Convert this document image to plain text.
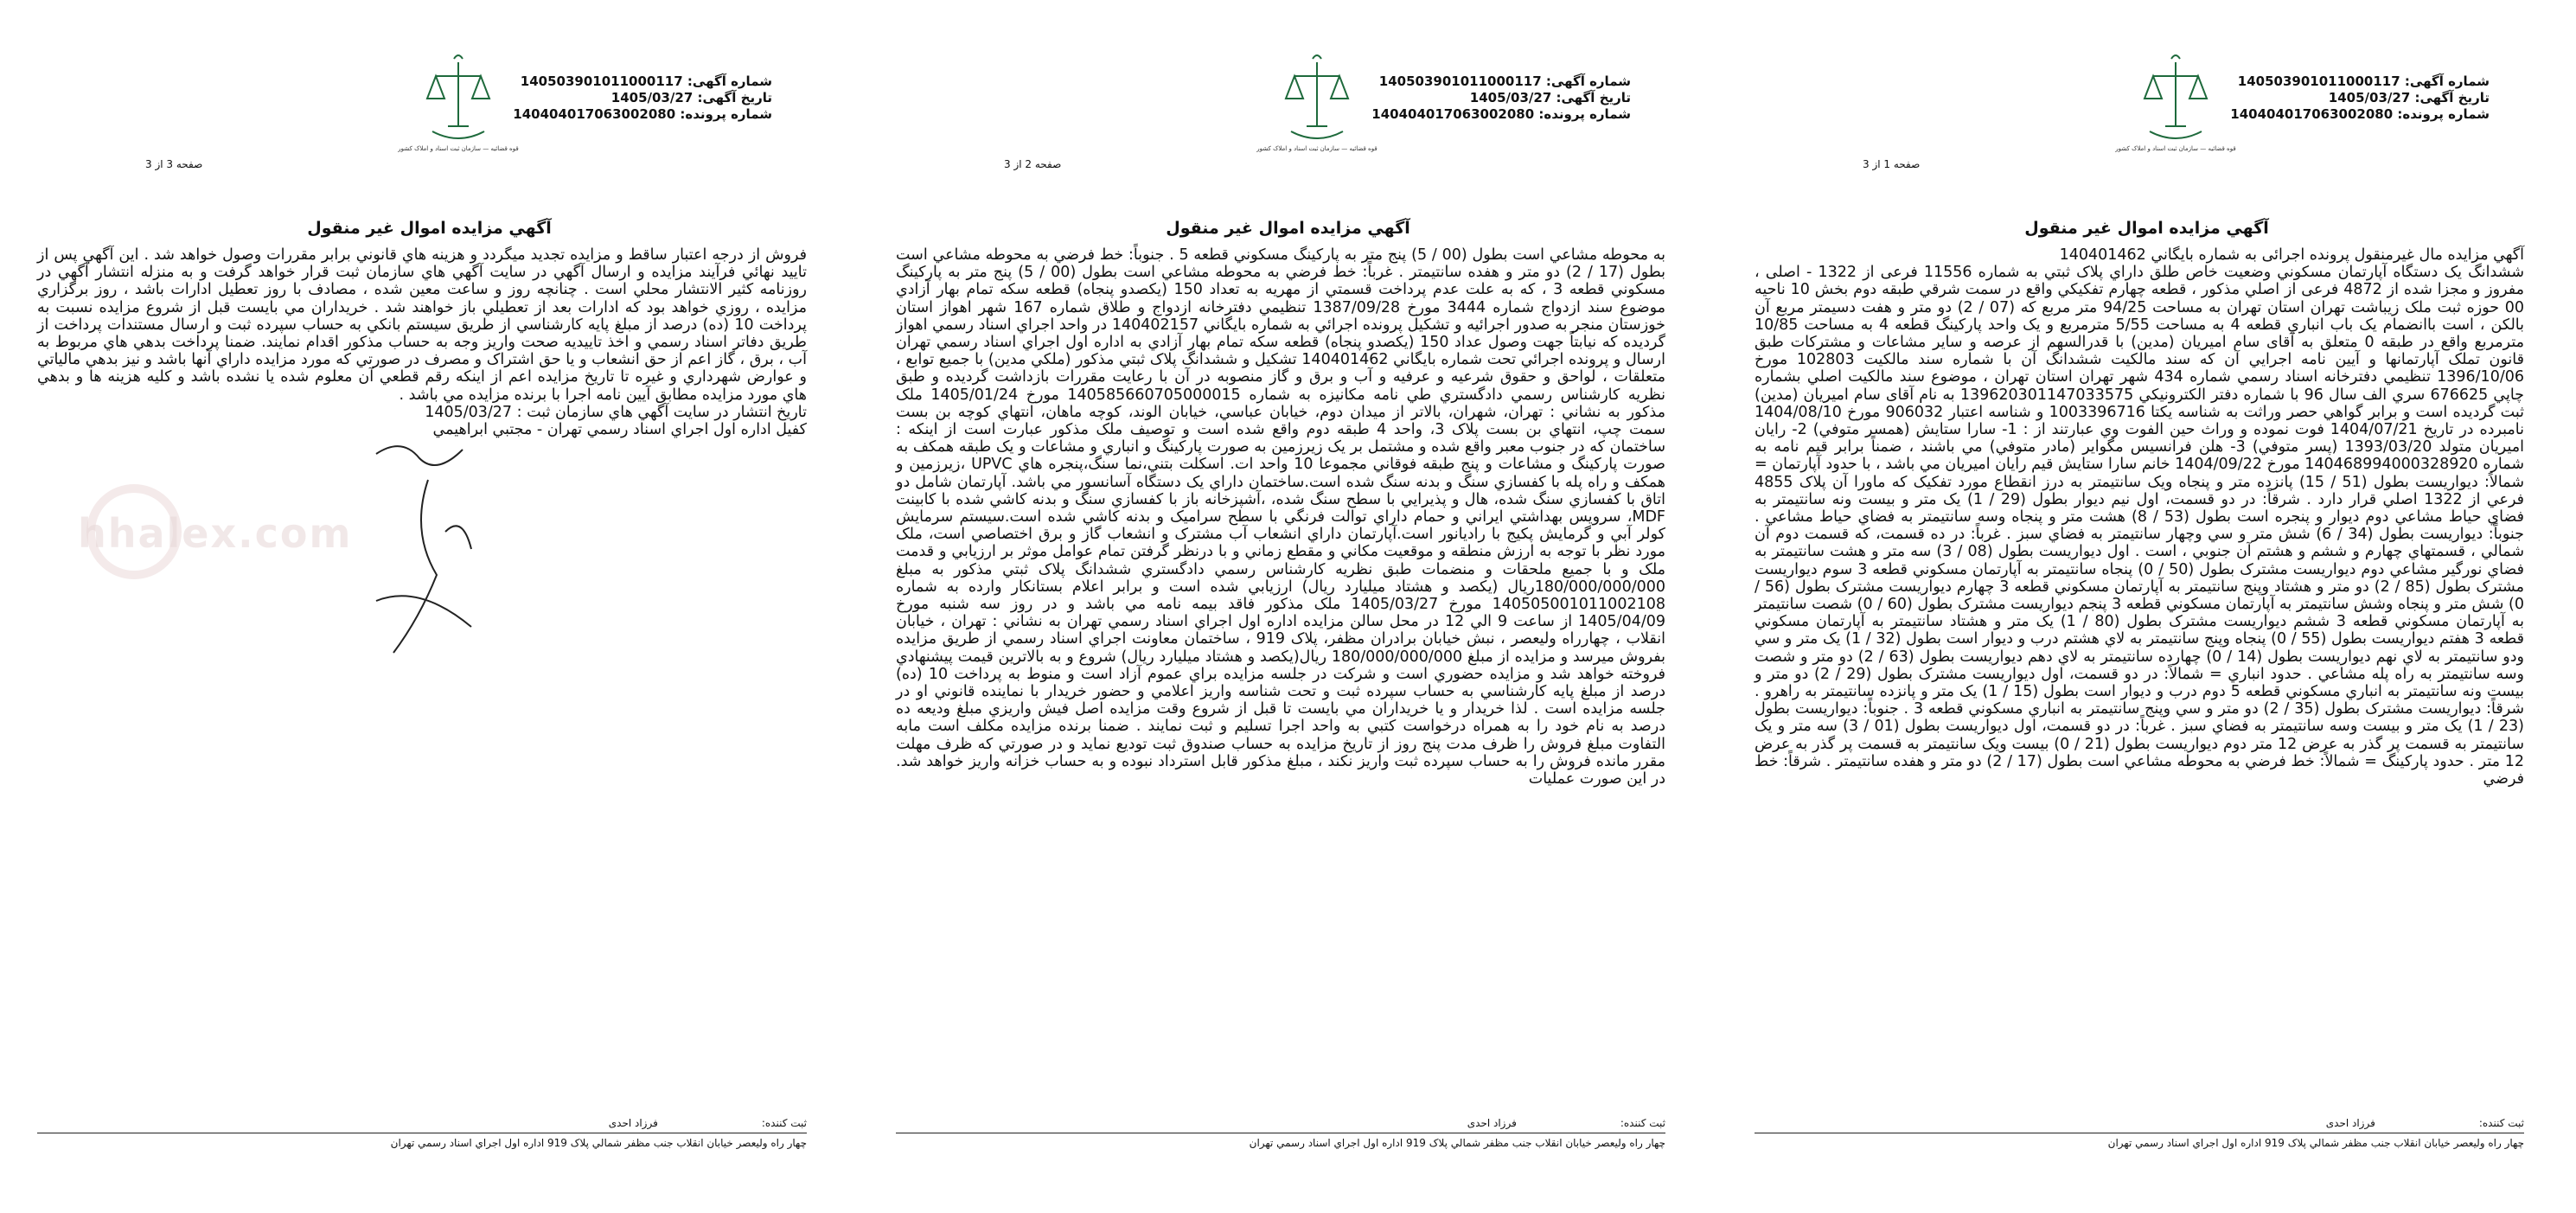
قوه قضائیه — سازمان ثبت اسناد و املاک کشور
شماره آگهی: 140503901011000117
تاریخ آگهی: 1405/03/27
شماره پرونده: 140404017063002080
صفحه 1 از 3
آگهي مزايده اموال غير منقول
آگهي مزايده مال غيرمنقول پرونده اجرائی به شماره بايگاني 140401462
ششدانگ يک دستگاه آپارتمان مسکوني وضعيت خاص طلق داراي پلاک ثبتي به شماره 11556 فرعی از 1322 - اصلی ، مفروز و مجزا شده از 4872 فرعی از اصلي مذکور ، قطعه چهارم تفکيکي واقع در سمت شرقي طبقه دوم بخش 10 ناحيه 00 حوزه ثبت ملک زيباشت تهران استان تهران به مساحت 94/25 متر مربع که (07 / 2) دو متر و هفت دسيمتر مربع آن بالکن ، است باانضمام يک باب انباري قطعه 4 به مساحت 5/55 مترمربع و يک واحد پارکينگ قطعه 4 به مساحت 10/85 مترمربع واقع در طبقه 0 متعلق به آقای سام اميريان (مدين) با قدرالسهم از عرصه و ساير مشاعات و مشترکات طبق قانون تملک آپارتمانها و آيين نامه اجرايي آن که سند مالکيت ششدانگ آن با شماره سند مالکيت 102803 مورخ 1396/10/06 تنظيمي دفترخانه اسناد رسمي شماره 434 شهر تهران استان تهران ، موضوع سند مالکيت اصلي بشماره چاپي 676625 سري الف سال 96 با شماره دفتر الکترونيکي 139620301147033575 به نام آقای سام اميريان (مدين) ثبت گرديده است و برابر گواهي حصر وراثت به شناسه يکتا 1003396716 و شناسه اعتبار 906032 مورخ 1404/08/10 نامبرده در تاريخ 1404/07/21 فوت نموده و وراث حين الفوت وي عبارتند از : 1- سارا ستايش (همسر متوفي) 2- رايان اميريان متولد 1393/03/20 (پسر متوفي) 3- هلن فرانسيس مگواير (مادر متوفي) مي باشند ، ضمناً برابر قيم نامه به شماره 140468994000328920 مورخ 1404/09/22 خانم سارا ستايش قيم رايان اميريان مي باشد ، با حدود آپارتمان = شمالاً: ديواريست بطول (51 / 15) پانزده متر و پنجاه ويک سانتيمتر به درز انقطاع مورد تفکيک که ماورا آن پلاک 4855 فرعي از 1322 اصلي قرار دارد . شرقاً: در دو قسمت، اول نيم ديوار بطول (29 / 1) يک متر و بيست ونه سانتيمتر به فضاي حياط مشاعي دوم ديوار و پنجره است بطول (53 / 8) هشت متر و پنجاه وسه سانتيمتر به فضاي حياط مشاعي . جنوباً: ديواريست بطول (34 / 6) شش متر و سي وچهار سانتيمتر به فضاي سبز . غرباً: در ده قسمت، که قسمت دوم آن شمالي ، قسمتهاي چهارم و ششم و هشتم آن جنوبي ، است . اول ديواريست بطول (08 / 3) سه متر و هشت سانتيمتر به فضاي نورگير مشاعي دوم ديواريست مشترک بطول (50 / 0) پنجاه سانتيمتر به آپارتمان مسکوني قطعه 3 سوم ديواريست مشترک بطول (85 / 2) دو متر و هشتاد وپنج سانتيمتر به آپارتمان مسکوني قطعه 3 چهارم ديواريست مشترک بطول (56 / 0) شش متر و پنجاه وشش سانتيمتر به آپارتمان مسکوني قطعه 3 پنجم ديواريست مشترک بطول (60 / 0) شصت سانتيمتر به آپارتمان مسکوني قطعه 3 ششم ديواريست مشترک بطول (80 / 1) يک متر و هشتاد سانتيمتر به آپارتمان مسکوني قطعه 3 هفتم ديواريست بطول (55 / 0) پنجاه وپنج سانتيمتر به لاي هشتم درب و ديوار است بطول (32 / 1) يک متر و سي ودو سانتيمتر به لاي نهم ديواريست بطول (14 / 0) چهارده سانتيمتر به لاي دهم ديواريست بطول (63 / 2) دو متر و شصت وسه سانتيمتر به راه پله مشاعي . حدود انباري = شمالاً: در دو قسمت، اول ديواريست مشترک بطول (29 / 2) دو متر و بيست ونه سانتيمتر به انباري مسکوني قطعه 5 دوم درب و ديوار است بطول (15 / 1) يک متر و پانزده سانتيمتر به راهرو . شرقاً: ديواريست مشترک بطول (35 / 2) دو متر و سي وپنج سانتيمتر به انباري مسکوني قطعه 3 . جنوباً: ديواريست بطول (23 / 1) يک متر و بيست وسه سانتيمتر به فضاي سبز . غرباً: در دو قسمت، اول ديواريست بطول (01 / 3) سه متر و يک سانتيمتر به قسمت پر گذر به عرض 12 متر دوم ديواريست بطول (21 / 0) بيست ويک سانتيمتر به قسمت پر گذر به عرض 12 متر . حدود پارکينگ = شمالاً: خط فرضي به محوطه مشاعي است بطول (17 / 2) دو متر و هفده سانتيمتر . شرقاً: خط فرضي
ثبت کننده:
فرزاد احدی
چهار راه وليعصر خيابان انقلاب جنب مظفر شمالي پلاک 919 اداره اول اجراي اسناد رسمي تهران
قوه قضائیه — سازمان ثبت اسناد و املاک کشور
شماره آگهی: 140503901011000117
تاریخ آگهی: 1405/03/27
شماره پرونده: 140404017063002080
صفحه 2 از 3
آگهي مزايده اموال غير منقول
به محوطه مشاعي است بطول (00 / 5) پنج متر به پارکينگ مسکوني قطعه 5 . جنوباً: خط فرضي به محوطه مشاعي است بطول (17 / 2) دو متر و هفده سانتيمتر . غرباً: خط فرضي به محوطه مشاعي است بطول (00 / 5) پنج متر به پارکينگ مسکوني قطعه 3 ، که به علت عدم پرداخت قسمتي از مهريه به تعداد 150 (يکصدو پنجاه) قطعه سکه تمام بهار آزادي موضوع سند ازدواج شماره 3444 مورخ 1387/09/28 تنظيمي دفترخانه ازدواج و طلاق شماره 167 شهر اهواز استان خوزستان منجر به صدور اجرائيه و تشکيل پرونده اجرائي به شماره بايگاني 140402157 در واحد اجراي اسناد رسمي اهواز گرديده که نيابتاً جهت وصول عداد 150 (يکصدو پنجاه) قطعه سکه تمام بهار آزادي به اداره اول اجراي اسناد رسمي تهران ارسال و پرونده اجرائي تحت شماره بايگاني 140401462 تشکيل و ششدانگ پلاک ثبتي مذکور (ملکي مدين) با جميع توابع ، متعلقات ، لواحق و حقوق شرعيه و عرفيه و آب و برق و گاز منصوبه در آن با رعايت مقررات بازداشت گرديده و طبق نظريه کارشناس رسمي دادگستري طي نامه مکانيزه به شماره 140585660705000015 مورخ 1405/01/24 ملک مذکور به نشاني : تهران، شهران، بالاتر از ميدان دوم، خيابان عباسي، خيابان الوند، کوچه ماهان، انتهاي کوچه بن بست سمت چپ، انتهاي بن بست پلاک 3، واحد 4 طبقه دوم واقع شده است و توصيف ملک مذکور عبارت است از اينکه : ساختمان که در جنوب معبر واقع شده و مشتمل بر يک زيرزمين به صورت پارکينگ و انباري و مشاعات و يک طبقه همکف به صورت پارکينگ و مشاعات و پنج طبقه فوقاني مجموعا 10 واحد ات. اسکلت بتني،نما سنگ،پنجره هاي UPVC ،زيرزمين و همکف و راه پله با کفسازي سنگ و بدنه سنگ شده است.ساختمان داراي يک دستگاه آسانسور مي باشد. آپارتمان شامل دو اتاق با کفسازي سنگ شده، هال و پذيرايي با سطح سنگ شده، ،آشپزخانه باز با کفسازي سنگ و بدنه کاشي شده با کابينت MDF، سرويس بهداشتي ايراني و حمام داراي توالت فرنگي با سطح سراميک و بدنه کاشي شده است.سيستم سرمايش کولر آبي و گرمايش پکيج با راديانور است.آپارتمان داراي انشعاب آب مشترک و انشعاب گاز و برق اختصاصي است، ملک مورد نظر با توجه به ارزش منطقه و موقعيت مکاني و مقطع زماني و با درنظر گرفتن تمام عوامل موثر بر ارزيابي و قدمت ملک و با جميع ملحقات و منضمات طبق نظريه کارشناس رسمي دادگستري ششدانگ پلاک ثبتي مذکور به مبلغ 180/000/000/000ريال (يکصد و هشتاد ميليارد ريال) ارزيابي شده است و برابر اعلام بستانکار وارده به شماره 140505001011002108 مورخ 1405/03/27 ملک مذکور فاقد بيمه نامه مي باشد و در روز سه شنبه مورخ 1405/04/09 از ساعت 9 الي 12 در محل سالن مزايده اداره اول اجراي اسناد رسمي تهران به نشاني : تهران ، خيابان انقلاب ، چهارراه وليعصر ، نبش خيابان برادران مظفر، پلاک 919 ، ساختمان معاونت اجراي اسناد رسمي از طريق مزايده بفروش ميرسد و مزايده از مبلغ 180/000/000/000 ريال(يکصد و هشتاد ميليارد ريال) شروع و به بالاترين قيمت پيشنهادي فروخته خواهد شد و مزايده حضوري است و شرکت در جلسه مزايده براي عموم آزاد است و منوط به پرداخت 10 (ده) درصد از مبلغ پايه کارشناسي به حساب سپرده ثبت و تحت شناسه واريز اعلامي و حضور خريدار با نماينده قانوني او در جلسه مزايده است . لذا خريدار و يا خريداران مي بايست تا قبل از شروع وقت مزايده اصل فيش واريزي مبلغ وديعه ده درصد به نام خود را به همراه درخواست کتبي به واحد اجرا تسليم و ثبت نمايند . ضمنا برنده مزايده مکلف است مابه التفاوت مبلغ فروش را ظرف مدت پنج روز از تاريخ مزايده به حساب صندوق ثبت توديع نمايد و در صورتي که ظرف مهلت مقرر مانده فروش را به حساب سپرده ثبت واريز نکند ، مبلغ مذکور قابل استرداد نبوده و به حساب خزانه واريز خواهد شد. در اين صورت عمليات
ثبت کننده:
فرزاد احدی
چهار راه وليعصر خيابان انقلاب جنب مظفر شمالي پلاک 919 اداره اول اجراي اسناد رسمي تهران
hhalex.com
قوه قضائیه — سازمان ثبت اسناد و املاک کشور
شماره آگهی: 140503901011000117
تاریخ آگهی: 1405/03/27
شماره پرونده: 140404017063002080
صفحه 3 از 3
آگهي مزايده اموال غير منقول
فروش از درجه اعتبار ساقط و مزايده تجديد ميگردد و هزينه هاي قانوني برابر مقررات وصول خواهد شد . اين آگهي پس از تاييد نهائي فرآيند مزايده و ارسال آگهي در سايت آگهي هاي سازمان ثبت قرار خواهد گرفت و به منزله انتشار آگهي در روزنامه کثير الانتشار محلي است . چنانچه روز و ساعت معين شده ، مصادف با روز تعطيل ادارات باشد ، روز برگزاري مزايده ، روزي خواهد بود که ادارات بعد از تعطيلي باز خواهند شد . خريداران مي بايست قبل از شروع مزايده نسبت به پرداخت 10 (ده) درصد از مبلغ پايه کارشناسي از طريق سيستم بانکي به حساب سپرده ثبت و ارسال مستندات پرداخت از طريق دفاتر اسناد رسمي و اخذ تاييديه صحت واريز وجه به حساب مذکور اقدام نمايند. ضمنا پرداخت بدهي هاي مربوط به آب ، برق ، گاز اعم از حق انشعاب و يا حق اشتراک و مصرف در صورتي که مورد مزايده داراي آنها باشد و نيز بدهي مالياتي و عوارض شهرداري و غيره تا تاريخ مزايده اعم از اينکه رقم قطعي آن معلوم شده يا نشده باشد و کليه هزينه ها و بدهي هاي مورد مزايده مطابق آيين نامه اجرا با برنده مزايده مي باشد .
تاريخ انتشار در سايت آگهي هاي سازمان ثبت : 1405/03/27
کفيل اداره اول اجراي اسناد رسمي تهران - مجتبي ابراهيمي
ثبت کننده:
فرزاد احدی
چهار راه وليعصر خيابان انقلاب جنب مظفر شمالي پلاک 919 اداره اول اجراي اسناد رسمي تهران
